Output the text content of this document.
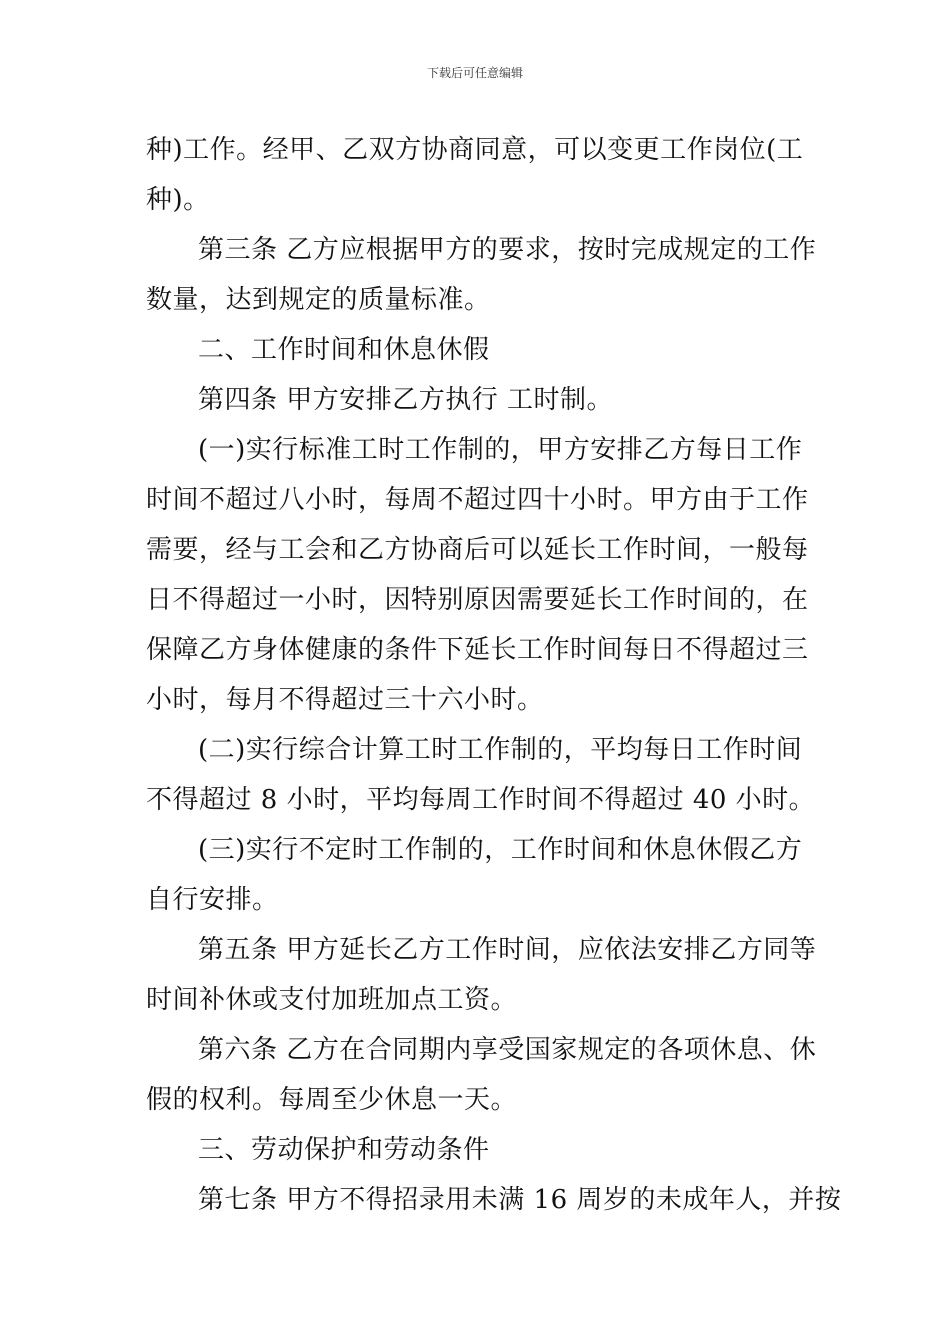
下载后可任意编辑
种)工作。经甲、乙双方协商同意，可以变更工作岗位(工
种)。
第三条 乙方应根据甲方的要求，按时完成规定的工作
数量，达到规定的质量标准。
二、工作时间和休息休假
第四条 甲方安排乙方执行 工时制。
(一)实行标准工时工作制的，甲方安排乙方每日工作
时间不超过八小时，每周不超过四十小时。甲方由于工作
需要，经与工会和乙方协商后可以延长工作时间，一般每
日不得超过一小时，因特别原因需要延长工作时间的，在
保障乙方身体健康的条件下延长工作时间每日不得超过三
小时，每月不得超过三十六小时。
(二)实行综合计算工时工作制的，平均每日工作时间
不得超过 8 小时，平均每周工作时间不得超过 40 小时。
(三)实行不定时工作制的，工作时间和休息休假乙方
自行安排。
第五条 甲方延长乙方工作时间，应依法安排乙方同等
时间补休或支付加班加点工资。
第六条 乙方在合同期内享受国家规定的各项休息、休
假的权利。每周至少休息一天。
三、劳动保护和劳动条件
第七条 甲方不得招录用未满 16 周岁的未成年人，并按
